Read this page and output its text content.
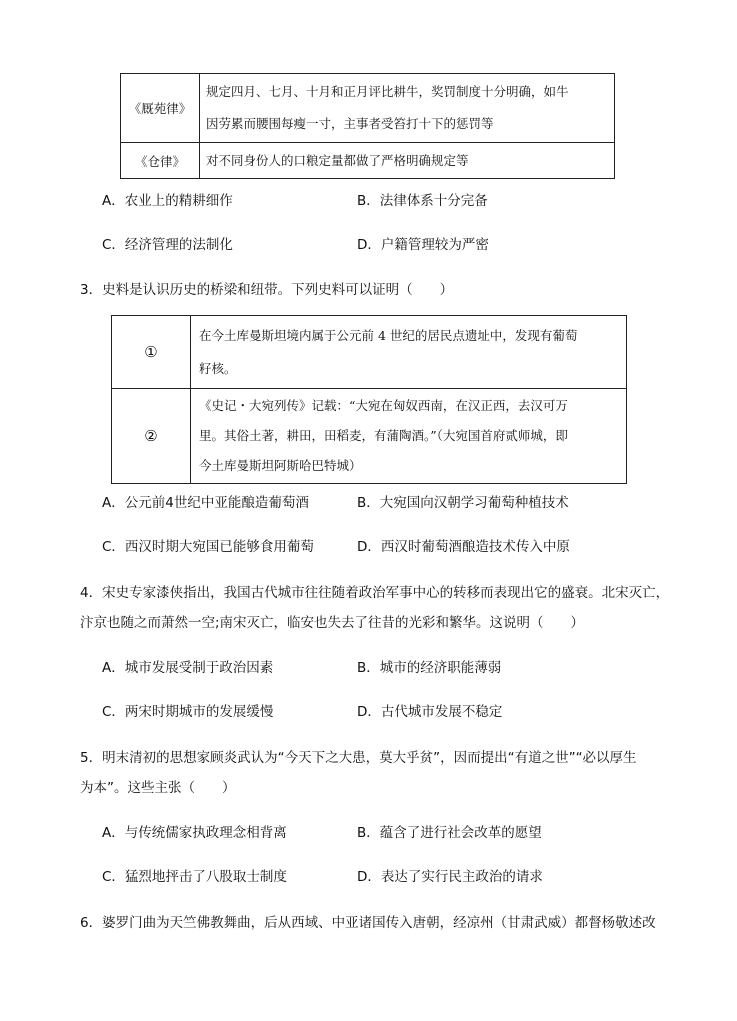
《厩苑律》	规定四月、七月、十月和正月评比耕牛，奖罚制度十分明确，如牛
因劳累而腰围每瘦一寸，主事者受笞打十下的惩罚等

《仓律》	对不同身份人的口粮定量都做了严格明确规定等
A．农业上的精耕细作	B．法律体系十分完备
C．经济管理的法制化	D．户籍管理较为严密
3．史料是认识历史的桥梁和纽带。下列史料可以证明（　　）
①	在今土库曼斯坦境内属于公元前 4 世纪的居民点遗址中，发现有葡萄
籽核。

②	《史记・大宛列传》记载：“大宛在匈奴西南，在汉正西，去汉可万
里。其俗土著，耕田，田稻麦，有蒲陶酒。”（大宛国首府贰师城，即
今土库曼斯坦阿斯哈巴特城）
A．公元前4世纪中亚能酿造葡萄酒	B．大宛国向汉朝学习葡萄种植技术
C．西汉时期大宛国已能够食用葡萄	D．西汉时葡萄酒酿造技术传入中原
4．宋史专家漆侠指出，我国古代城市往往随着政治军事中心的转移而表现出它的盛衰。北宋灭亡，
汴京也随之而萧然一空;南宋灭亡，临安也失去了往昔的光彩和繁华。这说明（　　）
A．城市发展受制于政治因素	B．城市的经济职能薄弱
C．两宋时期城市的发展缓慢	D．古代城市发展不稳定
5．明末清初的思想家顾炎武认为“今天下之大患，莫大乎贫”，因而提出“有道之世”“必以厚生
为本”。这些主张（　　）
A．与传统儒家执政理念相背离	B．蕴含了进行社会改革的愿望
C．猛烈地抨击了八股取士制度	D．表达了实行民主政治的请求
6．婆罗门曲为天竺佛教舞曲，后从西域、中亚诸国传入唐朝，经凉州（甘肃武威）都督杨敬述改
